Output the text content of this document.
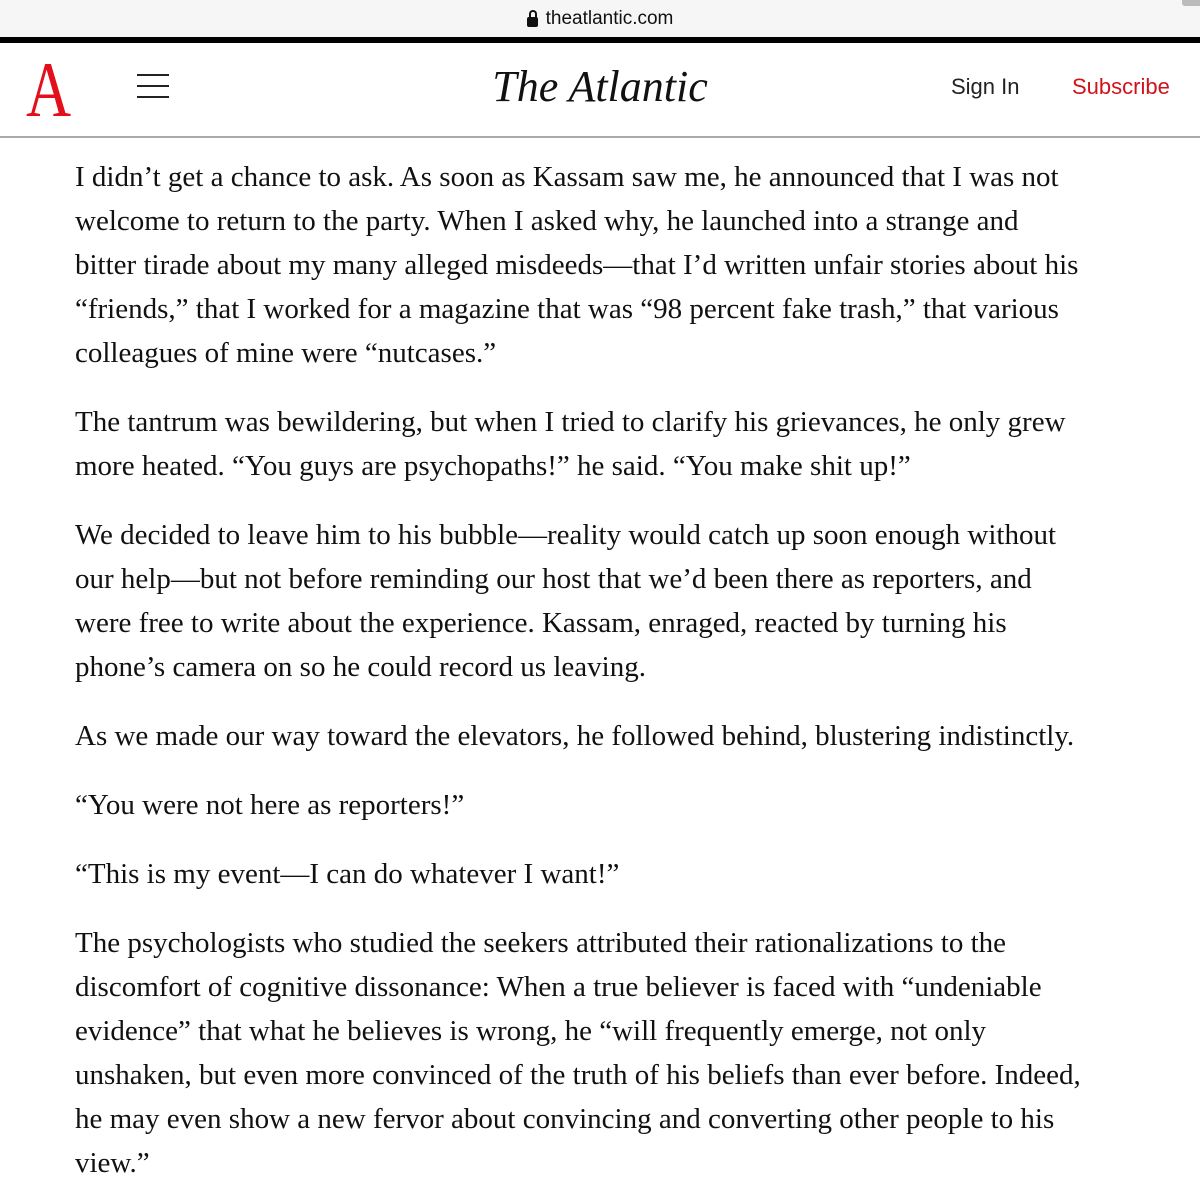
theatlantic.com
A	The Atlantic	Sign In Subscribe

I didn’t get a chance to ask. As soon as Kassam saw me, he announced that I was not
welcome to return to the party. When I asked why, he launched into a strange and
bitter tirade about my many alleged misdeeds—that I’d written unfair stories about his
“friends,” that I worked for a magazine that was “98 percent fake trash,” that various
colleagues of mine were “nutcases.”

The tantrum was bewildering, but when I tried to clarify his grievances, he only grew
more heated. “You guys are psychopaths!” he said. “You make shit up!”

We decided to leave him to his bubble—reality would catch up soon enough without
our help—but not before reminding our host that we’d been there as reporters, and
were free to write about the experience. Kassam, enraged, reacted by turning his
phone’s camera on so he could record us leaving.

As we made our way toward the elevators, he followed behind, blustering indistinctly.

“You were not here as reporters!”

“This is my event—I can do whatever I want!”

The psychologists who studied the seekers attributed their rationalizations to the
discomfort of cognitive dissonance: When a true believer is faced with “undeniable
evidence” that what he believes is wrong, he “will frequently emerge, not only
unshaken, but even more convinced of the truth of his beliefs than ever before. Indeed,
he may even show a new fervor about convincing and converting other people to his
view.”
